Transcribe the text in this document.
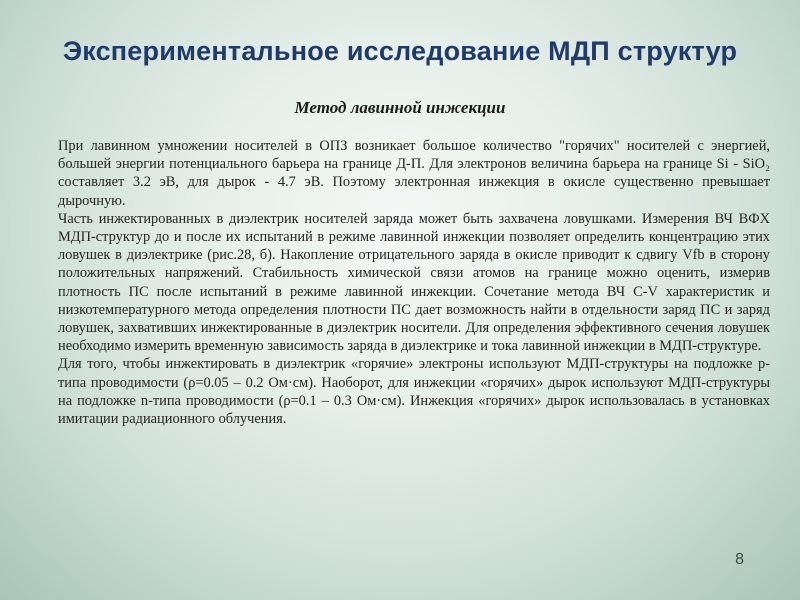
Экспериментальное исследование МДП структур
Метод лавинной инжекции

При лавинном умножении носителей в ОПЗ возникает большое количество "горячих" носителей с энергией, большей энергии потенциального барьера на границе Д-П. Для электронов величина барьера на границе Si - SiO₂ составляет 3.2 эВ, для дырок - 4.7 эВ. Поэтому электронная инжекция в окисле существенно превышает дырочную.

Часть инжектированных в диэлектрик носителей заряда может быть захвачена ловушками. Измерения ВЧ ВФХ МДП-структур до и после их испытаний в режиме лавинной инжекции позволяет определить концентрацию этих ловушек в диэлектрике (рис.28, б). Накопление отрицательного заряда в окисле приводит к сдвигу Vfb в сторону положительных напряжений. Стабильность химической связи атомов на границе можно оценить, измерив плотность ПС после испытаний в режиме лавинной инжекции. Сочетание метода ВЧ C-V характеристик и низкотемпературного метода определения плотности ПС дает возможность найти в отдельности заряд ПС и заряд ловушек, захвативших инжектированные в диэлектрик носители. Для определения эффективного сечения ловушек необходимо измерить временную зависимость заряда в диэлектрике и тока лавинной инжекции в МДП-структуре.

Для того, чтобы инжектировать в диэлектрик «горячие» электроны используют МДП-структуры на подложке р-типа проводимости (ρ=0.05 – 0.2 Ом·см). Наоборот, для инжекции «горячих» дырок используют МДП-структуры на подложке n-типа проводимости (ρ=0.1 – 0.3 Ом·см). Инжекция «горячих» дырок использовалась в установках имитации радиационного облучения.

8
